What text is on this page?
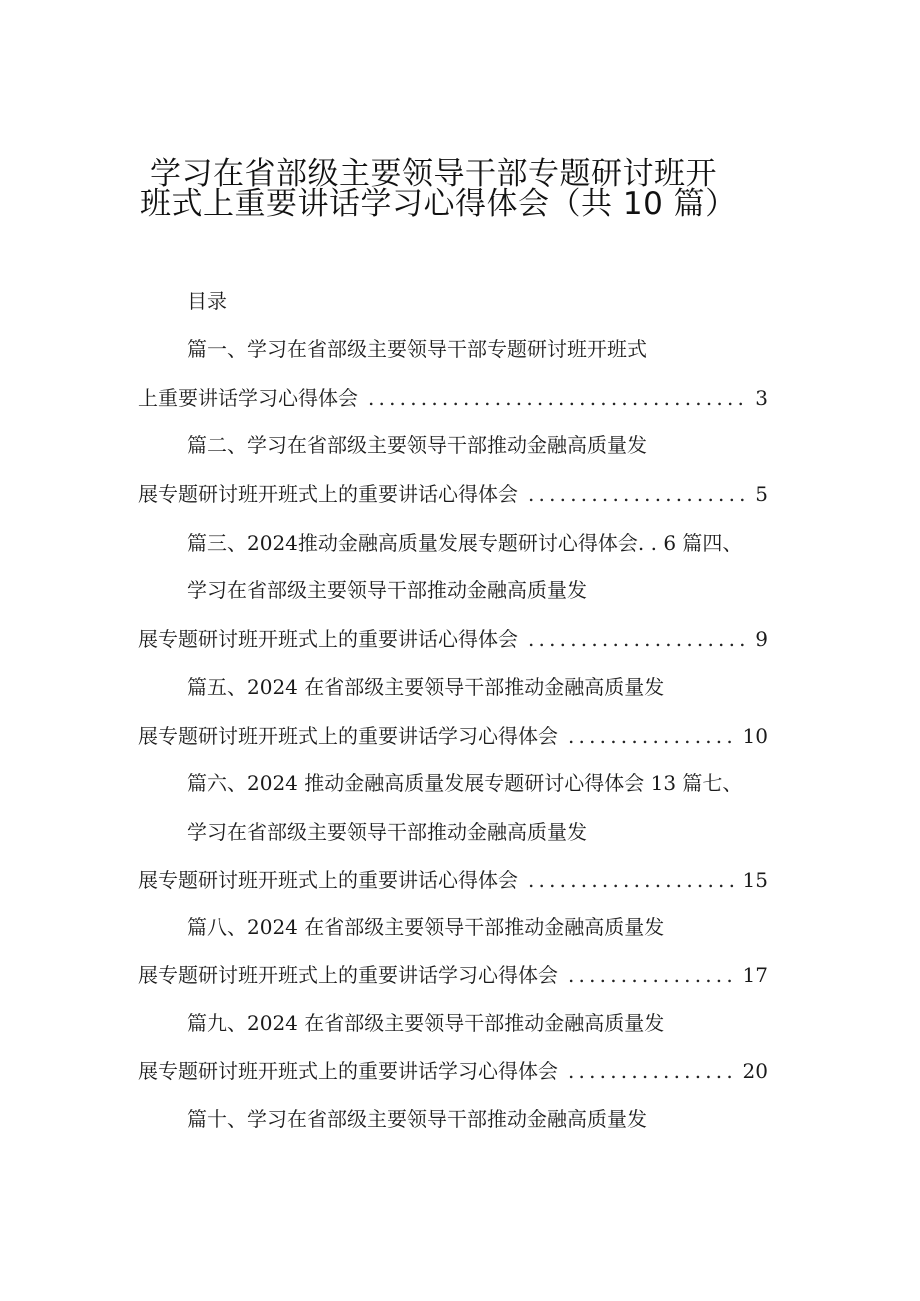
学习在省部级主要领导干部专题研讨班开
班式上重要讲话学习心得体会（共 10 篇）
目录
篇一、学习在省部级主要领导干部专题研讨班开班式
上重要讲话学习心得体会 .....	3
篇二、学习在省部级主要领导干部推动金融高质量发
展专题研讨班开班式上的重要讲话心得体会 .....	5
篇三、2024推动金融高质量发展专题研讨心得体会. . 6 篇四、
学习在省部级主要领导干部推动金融高质量发
展专题研讨班开班式上的重要讲话心得体会 .....	9
篇五、2024 在省部级主要领导干部推动金融高质量发
展专题研讨班开班式上的重要讲话学习心得体会 .....	10
篇六、2024 推动金融高质量发展专题研讨心得体会 13 篇七、
学习在省部级主要领导干部推动金融高质量发
展专题研讨班开班式上的重要讲话心得体会 .....	15
篇八、2024 在省部级主要领导干部推动金融高质量发
展专题研讨班开班式上的重要讲话学习心得体会 .....	17
篇九、2024 在省部级主要领导干部推动金融高质量发
展专题研讨班开班式上的重要讲话学习心得体会 .....	20
篇十、学习在省部级主要领导干部推动金融高质量发
